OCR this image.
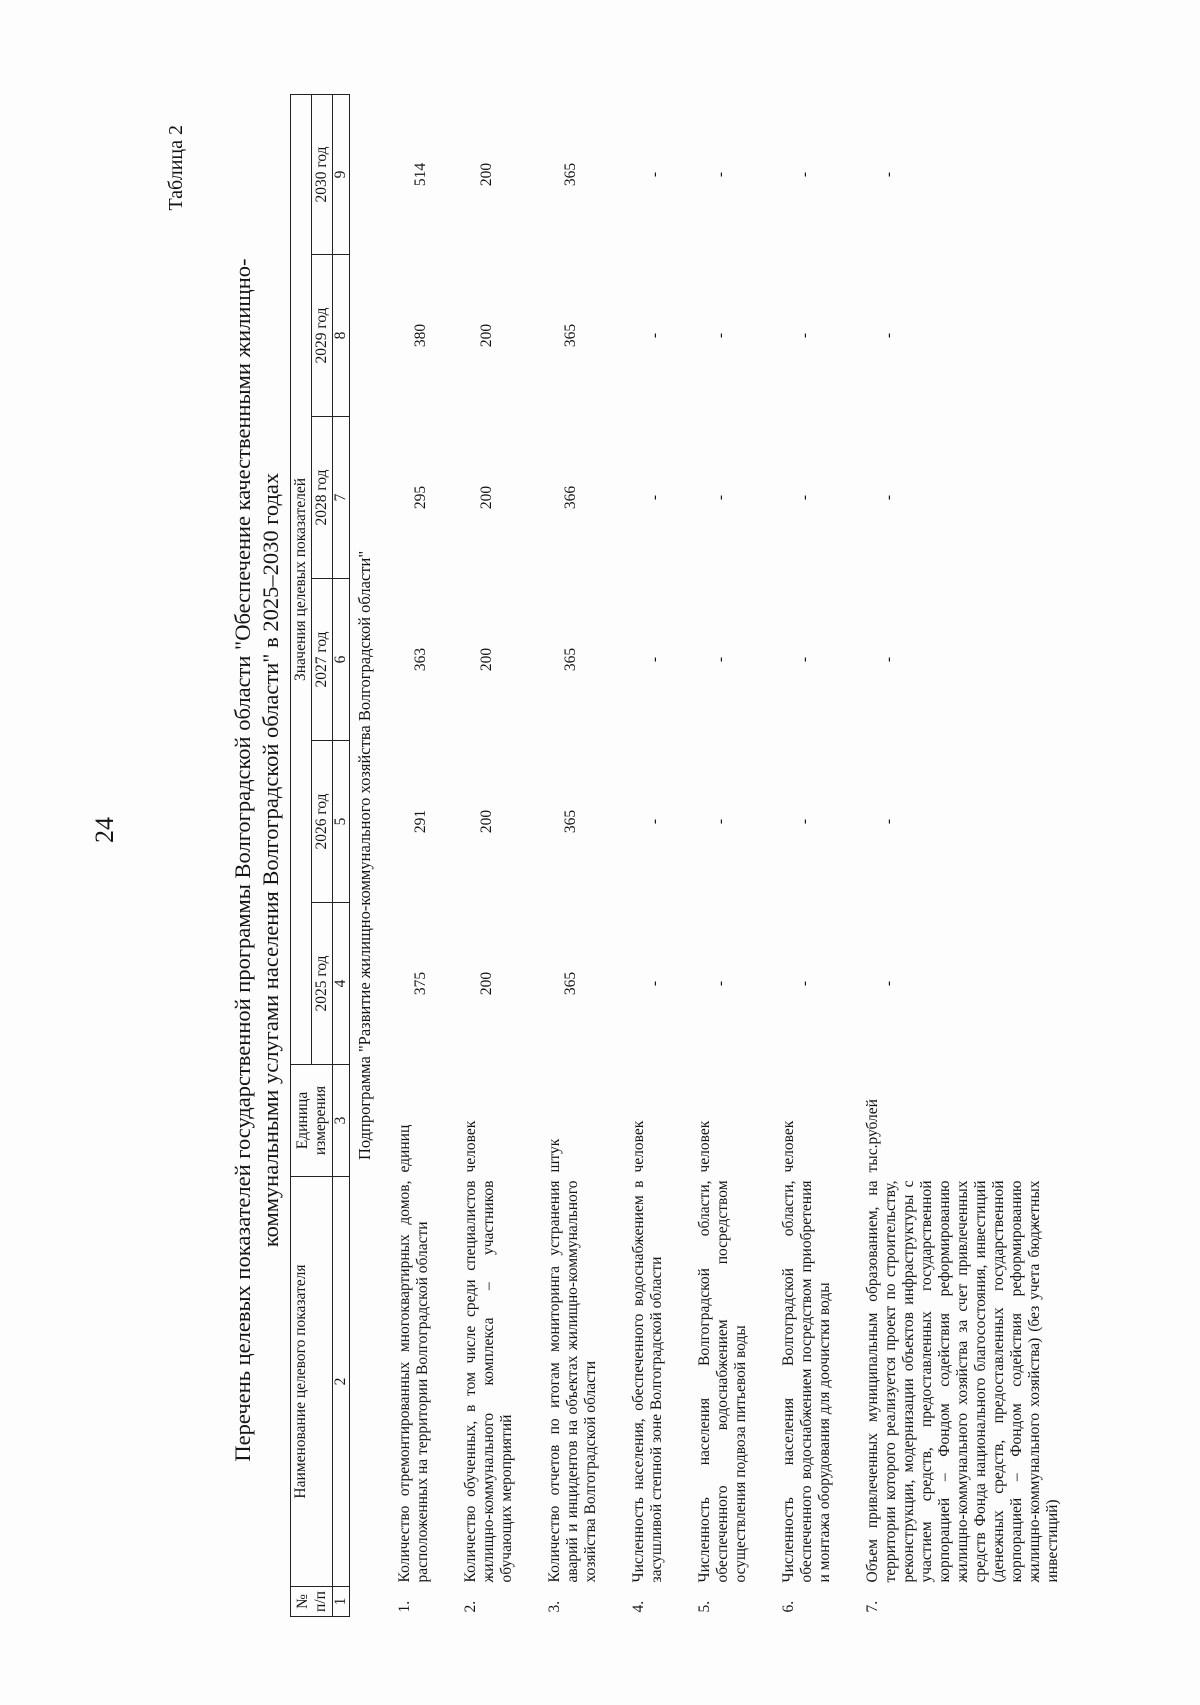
24
Таблица 2
Перечень целевых показателей государственной программы Волгоградской области "Обеспечение качественными жилищно- коммунальными услугами населения Волгоградской области" в 2025–2030 годах
№ п/п	Наименование целевого показателя	Единица измерения	Значения целевых показателей					
			2025 год	2026 год	2027 год	2028 год	2029 год	2030 год
1	2	3	4	5	6	7	8	9
Подпрограмма "Развитие жилищно-коммунального хозяйства Волгоградской области"								
1.	Количество отремонтированных многоквартирных домов, расположенных на территории Волгоградской области	единиц	375	291	363	295	380	514
2.	Количество обученных, в том числе среди специалистов жилищно-коммунального комплекса – участников обучающих мероприятий	человек	200	200	200	200	200	200
3.	Количество отчетов по итогам мониторинга устранения аварий и инцидентов на объектах жилищно-коммунального хозяйства Волгоградской области	штук	365	365	365	366	365	365
4.	Численность населения, обеспеченного водоснабжением в засушливой степной зоне Волгоградской области	человек	-	-	-	-	-	-
5.	Численность населения Волгоградской области, обеспеченного водоснабжением посредством осуществления подвоза питьевой воды	человек	-	-	-	-	-	-
6.	Численность населения Волгоградской области, обеспеченного водоснабжением посредством приобретения и монтажа оборудования для доочистки воды	человек	-	-	-	-	-	-
7.	Объем привлеченных муниципальным образованием, на территории которого реализуется проект по строительству, реконструкции, модернизации объектов инфраструктуры с участием средств, предоставленных государственной корпорацией – Фондом содействия реформированию жилищно-коммунального хозяйства за счет привлеченных средств Фонда национального благосостояния, инвестиций (денежных средств, предоставленных государственной корпорацией – Фондом содействия реформированию жилищно-коммунального хозяйства) (без учета бюджетных инвестиций)	тыс.рублей	-	-	-	-	-	-
